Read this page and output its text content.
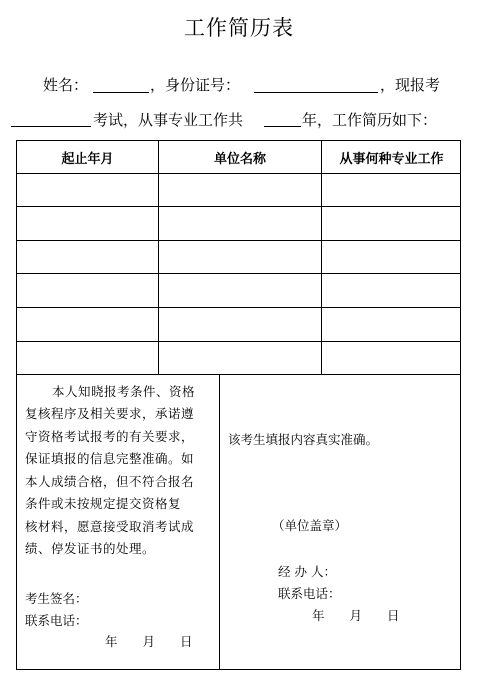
工作简历表
姓名：	，身份证号：	，现报考
考试，从事专业工作共	年，工作简历如下：
起止年月	单位名称	从事何种专业工作
本人知晓报考条件、资格
复核程序及相关要求，承诺遵
守资格考试报考的有关要求，
保证填报的信息完整准确。如
本人成绩合格，但不符合报名
条件或未按规定提交资格复
核材料，愿意接受取消考试成
绩、停发证书的处理。
考生签名：
联系电话：
年　　月　　日
该考生填报内容真实准确。
（单位盖章）
经 办 人：
联系电话：
年　　月　　日
